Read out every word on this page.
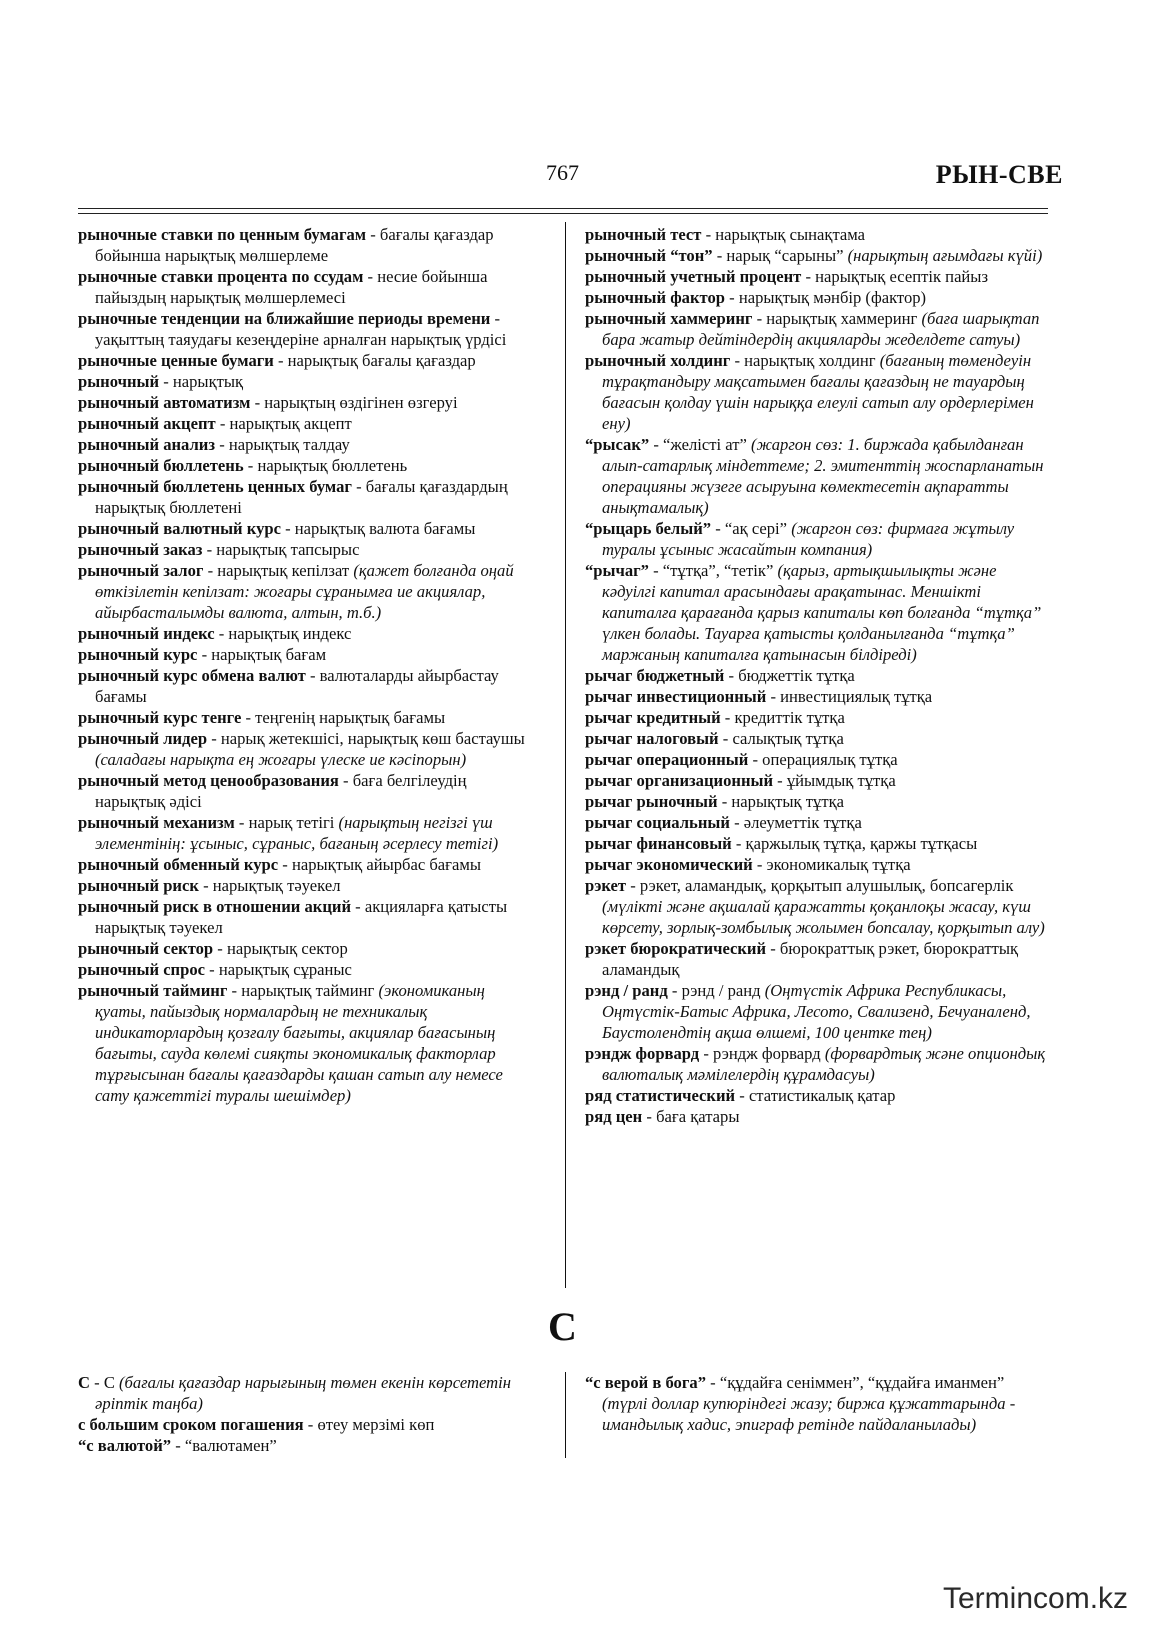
767	РЫН-СВЕ

рыночные ставки по ценным бумагам - бағалы қағаздар бойынша нарықтық мөлшерлеме

рыночные ставки процента по ссудам - несие бойынша пайыздың нарықтық мөлшерлемесі

рыночные тенденции на ближайшие периоды времени - уақыттың таяудағы кезеңдеріне арналған нарықтық үрдісі

рыночные ценные бумаги - нарықтық бағалы қағаздар

рыночный - нарықтық

рыночный автоматизм - нарықтың өздігінен өзгеруі

рыночный акцепт - нарықтық акцепт

рыночный анализ - нарықтық талдау

рыночный бюллетень - нарықтық бюллетень

рыночный бюллетень ценных бумаг - бағалы қағаздардың нарықтық бюллетені

рыночный валютный курс - нарықтық валюта бағамы

рыночный заказ - нарықтық тапсырыс

рыночный залог - нарықтық кепілзат (қажет болғанда оңай өткізілетін кепілзат: жоғары сұранымға ие акциялар, айырбасталымды валюта, алтын, т.б.)

рыночный индекс - нарықтық индекс

рыночный курс - нарықтық бағам

рыночный курс обмена валют - валюталарды айырбастау бағамы

рыночный курс тенге - теңгенің нарықтық бағамы

рыночный лидер - нарық жетекшісі, нарықтық көш бастаушы (саладағы нарықта ең жоғары үлеске ие кәсіпорын)

рыночный метод ценообразования - баға белгілеудің нарықтық әдісі

рыночный механизм - нарық тетігі (нарықтың негізгі үш элементінің: ұсыныс, сұраныс, бағаның әсерлесу тетігі)

рыночный обменный курс - нарықтық айырбас бағамы

рыночный риск - нарықтық тәуекел

рыночный риск в отношении акций - акцияларға қатысты нарықтық тәуекел

рыночный сектор - нарықтық сектор

рыночный спрос - нарықтық сұраныс

рыночный тайминг - нарықтық тайминг (экономиканың қуаты, пайыздық нормалардың не техникалық индикаторлардың қозғалу бағыты, акциялар бағасының бағыты, сауда көлемі сияқты экономикалық факторлар тұрғысынан бағалы қағаздарды қашан сатып алу немесе сату қажеттігі туралы шешімдер)

рыночный тест - нарықтық сынақтама

рыночный “тон” - нарық “сарыны” (нарықтың ағымдағы күйі)

рыночный учетный процент - нарықтық есептік пайыз

рыночный фактор - нарықтық мәнбір (фактор)

рыночный хаммеринг - нарықтық хаммеринг (баға шарықтап бара жатыр дейтіндердің акцияларды жеделдете сатуы)

рыночный холдинг - нарықтық холдинг (бағаның төмендеуін тұрақтандыру мақсатымен бағалы қағаздың не тауардың бағасын қолдау үшін нарыққа елеулі сатып алу ордерлерімен ену)

“рысак” - “желісті ат” (жаргон сөз: 1. биржада қабылданған алып-сатарлық міндеттеме; 2. эмитенттің жоспарланатын операцияны жүзеге асыруына көмектесетін ақпаратты анықтамалық)

“рыцарь белый” - “ақ серi” (жаргон сөз: фирмаға жұтылу туралы ұсыныс жасайтын компания)

“рычаг” - “тұтқа”, “тетік” (қарыз, артықшылықты және кәдуілгі капитал арасындағы арақатынас. Меншікті капиталға қарағанда қарыз капиталы көп болғанда “тұтқа” үлкен болады. Тауарға қатысты қолданылғанда “тұтқа” маржаның капиталға қатынасын білдіреді)

рычаг бюджетный - бюджеттік тұтқа

рычаг инвестиционный - инвестициялық тұтқа

рычаг кредитный - кредиттік тұтқа

рычаг налоговый - салықтық тұтқа

рычаг операционный - операциялық тұтқа

рычаг организационный - ұйымдық тұтқа

рычаг рыночный - нарықтық тұтқа

рычаг социальный - әлеуметтік тұтқа

рычаг финансовый - қаржылық тұтқа, қаржы тұтқасы

рычаг экономический - экономикалық тұтқа

рэкет - рэкет, аламандық, қорқытып алушылық, бопсагерлік (мүлікті және ақшалай қаражатты қоқанлоқы жасау, күш көрсету, зорлық-зомбылық жолымен бопсалау, қорқытып алу)

рэкет бюрократический - бюрократтық рэкет, бюрократтық аламандық

рэнд / ранд - рэнд / ранд (Оңтүстік Африка Республикасы, Оңтүстік-Батыс Африка, Лесото, Свализенд, Бечуаналенд, Баустолендтің ақша өлшемі, 100 центке тең)

рэндж форвард - рэндж форвард (форвардтық және опциондық валюталық мәмілелердің құрамдасуы)

ряд статистический - статистикалық қатар

ряд цен - баға қатары

С

С - С (бағалы қағаздар нарығының төмен екенін көрсететін әріптік таңба)

с большим сроком погашения - өтеу мерзімі көп

“с валютой” - “валютамен”

“с верой в бога” - “құдайға сеніммен”, “құдайға иманмен” (түрлі доллар купюріндегі жазу; биржа құжаттарында - имандылық хадис, эпиграф ретінде пайдаланылады)

Termincom.kz
